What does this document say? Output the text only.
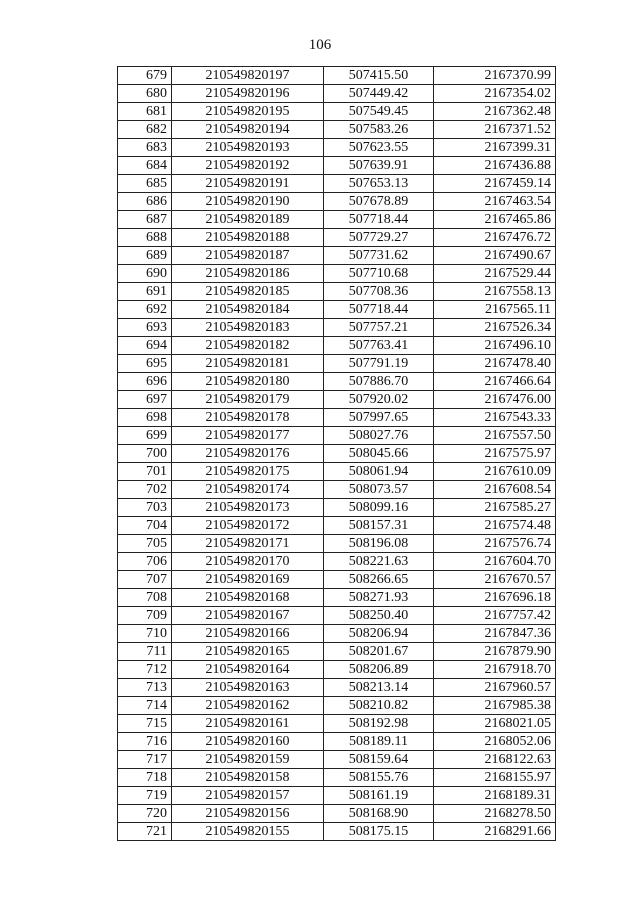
106
679	210549820197	507415.50	2167370.99
680	210549820196	507449.42	2167354.02
681	210549820195	507549.45	2167362.48
682	210549820194	507583.26	2167371.52
683	210549820193	507623.55	2167399.31
684	210549820192	507639.91	2167436.88
685	210549820191	507653.13	2167459.14
686	210549820190	507678.89	2167463.54
687	210549820189	507718.44	2167465.86
688	210549820188	507729.27	2167476.72
689	210549820187	507731.62	2167490.67
690	210549820186	507710.68	2167529.44
691	210549820185	507708.36	2167558.13
692	210549820184	507718.44	2167565.11
693	210549820183	507757.21	2167526.34
694	210549820182	507763.41	2167496.10
695	210549820181	507791.19	2167478.40
696	210549820180	507886.70	2167466.64
697	210549820179	507920.02	2167476.00
698	210549820178	507997.65	2167543.33
699	210549820177	508027.76	2167557.50
700	210549820176	508045.66	2167575.97
701	210549820175	508061.94	2167610.09
702	210549820174	508073.57	2167608.54
703	210549820173	508099.16	2167585.27
704	210549820172	508157.31	2167574.48
705	210549820171	508196.08	2167576.74
706	210549820170	508221.63	2167604.70
707	210549820169	508266.65	2167670.57
708	210549820168	508271.93	2167696.18
709	210549820167	508250.40	2167757.42
710	210549820166	508206.94	2167847.36
711	210549820165	508201.67	2167879.90
712	210549820164	508206.89	2167918.70
713	210549820163	508213.14	2167960.57
714	210549820162	508210.82	2167985.38
715	210549820161	508192.98	2168021.05
716	210549820160	508189.11	2168052.06
717	210549820159	508159.64	2168122.63
718	210549820158	508155.76	2168155.97
719	210549820157	508161.19	2168189.31
720	210549820156	508168.90	2168278.50
721	210549820155	508175.15	2168291.66
